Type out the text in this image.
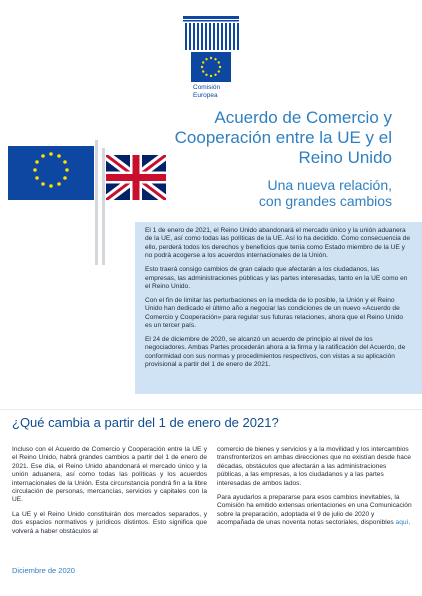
Comisión
Europea
Acuerdo de Comercio y
Cooperación entre la UE y el
Reino Unido
Una nueva relación,
con grandes cambios

El 1 de enero de 2021, el Reino Unido abandonará el mercado único y la unión aduanera de la UE, así como todas las políticas de la UE. Así lo ha decidido. Como consecuencia de ello, perderá todos los derechos y beneficios que tenía como Estado miembro de la UE y no podrá acogerse a los acuerdos internacionales de la Unión.

Esto traerá consigo cambios de gran calado que afectarán a los ciudadanos, las empresas, las administraciones públicas y las partes interesadas, tanto en la UE como en el Reino Unido.

Con el fin de limitar las perturbaciones en la medida de lo posible, la Unión y el Reino Unido han dedicado el último año a negociar las condiciones de un nuevo «Acuerdo de Comercio y Cooperación» para regular sus futuras relaciones, ahora que el Reino Unido es un tercer país.

El 24 de diciembre de 2020, se alcanzó un acuerdo de principio al nivel de los negociadores. Ambas Partes procederán ahora a la firma y la ratificación del Acuerdo, de conformidad con sus normas y procedimientos respectivos, con vistas a su aplicación provisional a partir del 1 de enero de 2021.

¿Qué cambia a partir del 1 de enero de 2021?

Incluso con el Acuerdo de Comercio y Cooperación entre la UE y el Reino Unido, habrá grandes cambios a partir del 1 de enero de 2021. Ese día, el Reino Unido abandonará el mercado único y la unión aduanera, así como todas las políticas y los acuerdos internacionales de la Unión. Esta circunstancia pondrá fin a la libre circulación de personas, mercancías, servicios y capitales con la UE.

La UE y el Reino Unido constituirán dos mercados separados, y dos espacios normativos y jurídicos distintos. Esto significa que volverá a haber obstáculos al

comercio de bienes y servicios y a la movilidad y los intercambios transfronterizos en ambas direcciones que no existían desde hace décadas, obstáculos que afectarán a las administraciones públicas, a las empresas, a los ciudadanos y a las partes interesadas de ambos lados.

Para ayudarlos a prepararse para esos cambios inevitables, la Comisión ha emitido extensas orientaciones en una Comunicación sobre la preparación, adoptada el 9 de julio de 2020 y acompañada de unas noventa notas sectoriales, disponibles aquí.

Diciembre de 2020
